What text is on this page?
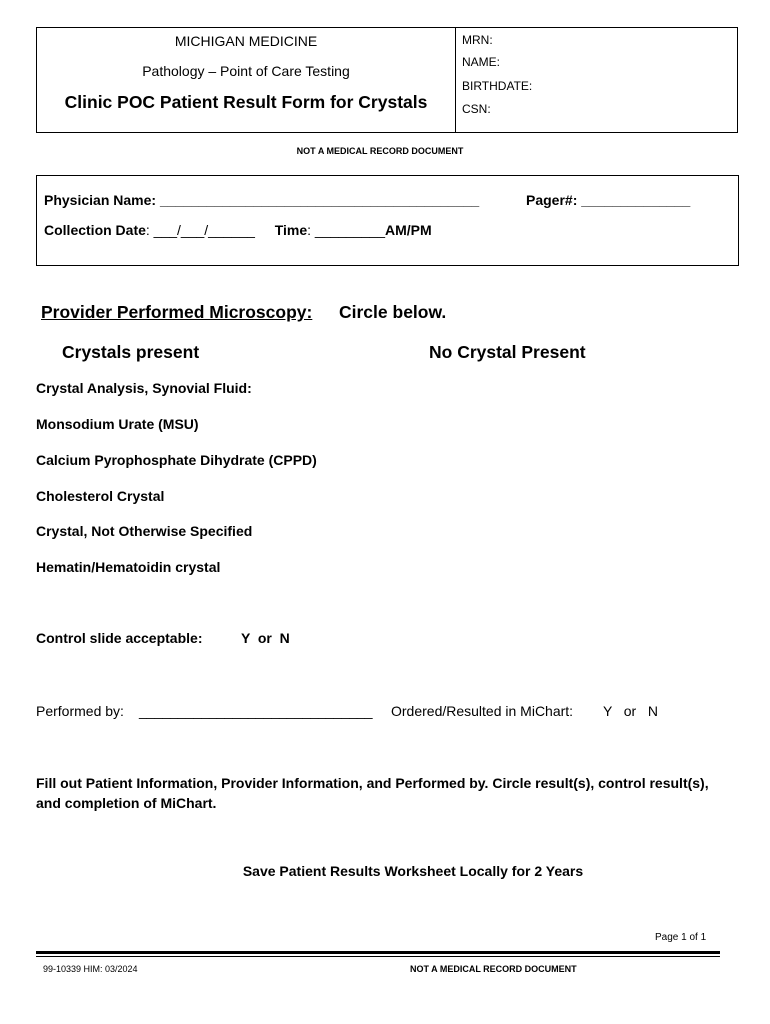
MICHIGAN MEDICINE
Pathology – Point of Care Testing
Clinic POC Patient Result Form for Crystals
MRN:
NAME:
BIRTHDATE:
CSN:
NOT A MEDICAL RECORD DOCUMENT
Physician Name: _________________________________________	Pager#: ______________
Collection Date: ___/___/______ Time: _________AM/PM
Provider Performed Microscopy: Circle below.
Crystals present	No Crystal Present
Crystal Analysis, Synovial Fluid:
Monsodium Urate (MSU)
Calcium Pyrophosphate Dihydrate (CPPD)
Cholesterol Crystal
Crystal, Not Otherwise Specified
Hematin/Hematoidin crystal
Control slide acceptable:	Y  or  N
Performed by: ______________________________ Ordered/Resulted in MiChart: Y   or   N
Fill out Patient Information, Provider Information, and Performed by. Circle result(s), control result(s), and completion of MiChart.
Save Patient Results Worksheet Locally for 2 Years
Page 1 of 1
99-10339 HIM: 03/2024	NOT A MEDICAL RECORD DOCUMENT
